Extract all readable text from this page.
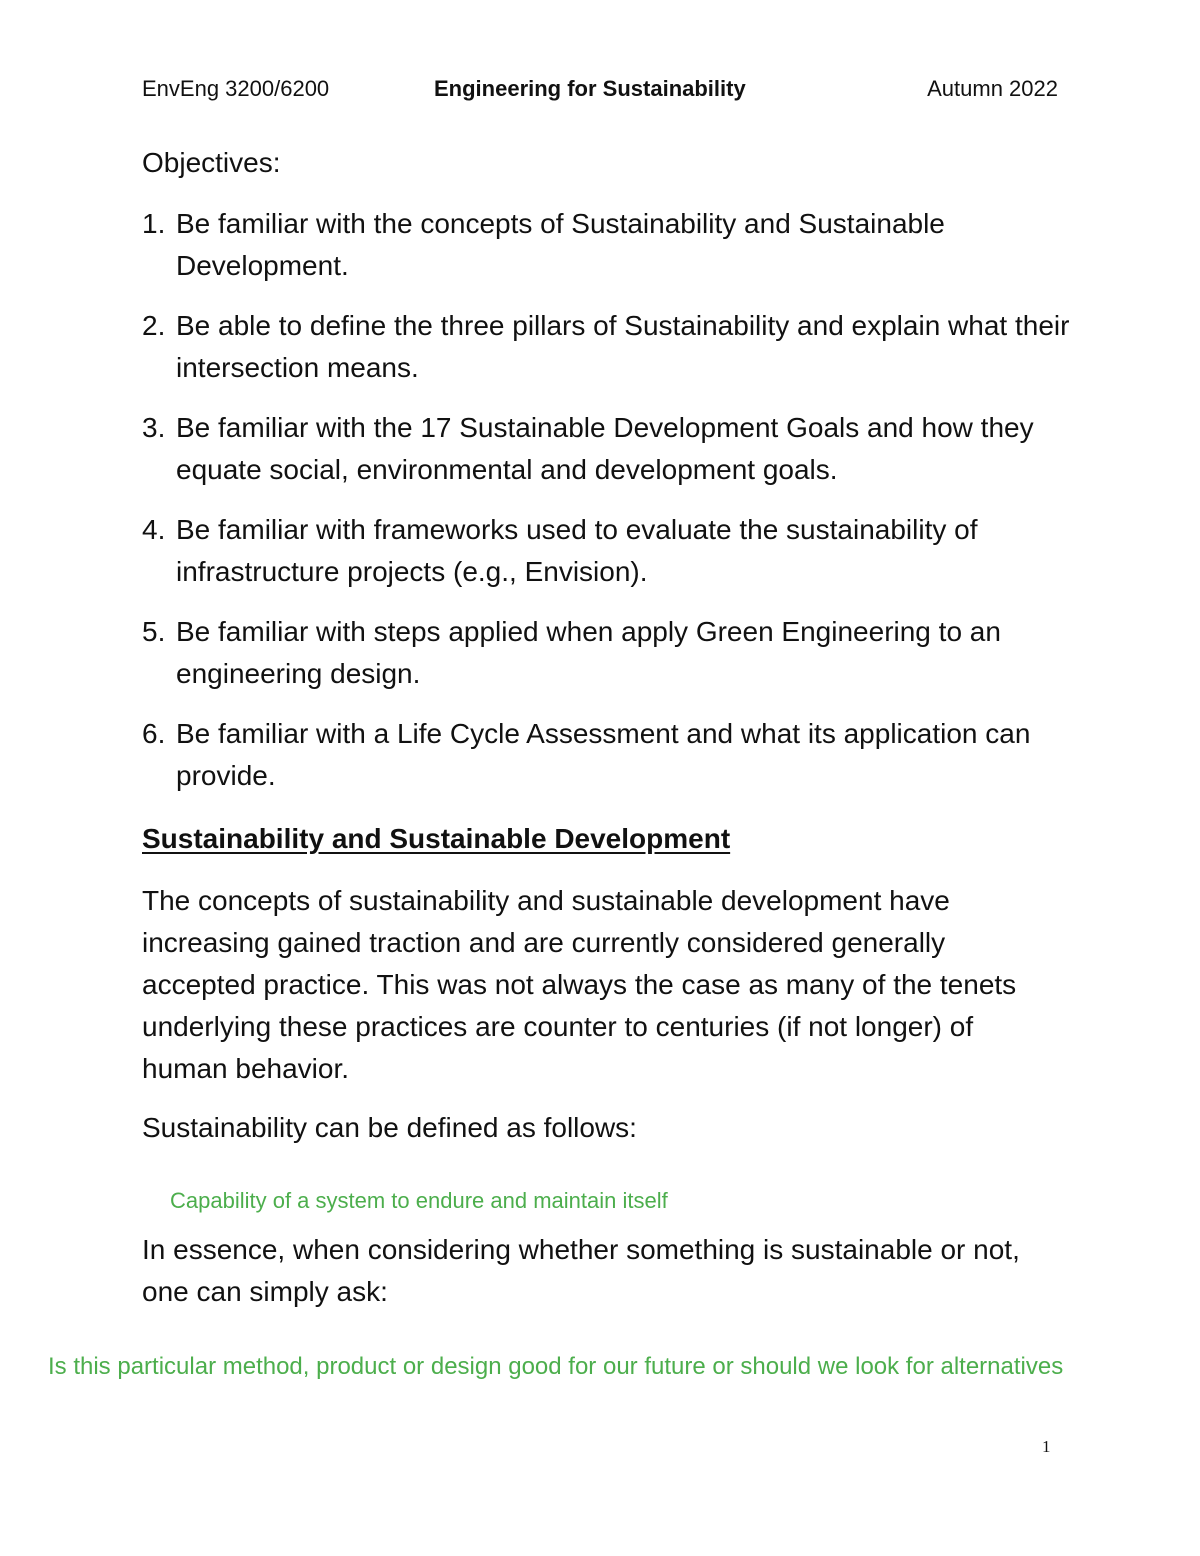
EnvEng 3200/6200	Engineering for Sustainability	Autumn 2022
Objectives:
1. Be familiar with the concepts of Sustainability and Sustainable Development.
2. Be able to define the three pillars of Sustainability and explain what their intersection means.
3. Be familiar with the 17 Sustainable Development Goals and how they equate social, environmental and development goals.
4. Be familiar with frameworks used to evaluate the sustainability of infrastructure projects (e.g., Envision).
5. Be familiar with steps applied when apply Green Engineering to an engineering design.
6. Be familiar with a Life Cycle Assessment and what its application can provide.
Sustainability and Sustainable Development
The concepts of sustainability and sustainable development have increasing gained traction and are currently considered generally accepted practice. This was not always the case as many of the tenets underlying these practices are counter to centuries (if not longer) of human behavior.
Sustainability can be defined as follows:
Capability of a system to endure and maintain itself
In essence, when considering whether something is sustainable or not, one can simply ask:
Is this particular method, product or design good for our future or should we look for alternatives
1
